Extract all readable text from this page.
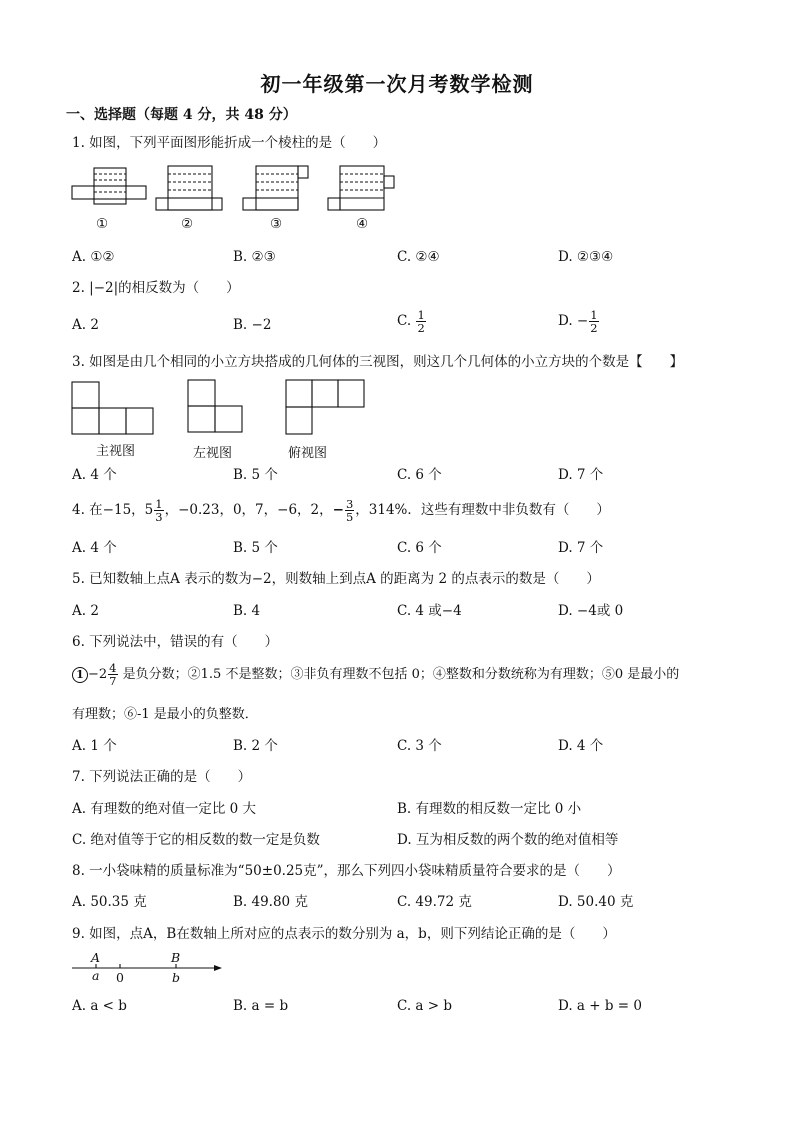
初一年级第一次月考数学检测
一、选择题（每题 4 分，共 48 分）
1. 如图，下列平面图形能折成一个棱柱的是（　　）
①	②	③	④
A. ①②	B. ②③	C. ②④	D. ②③④
2. |−2|的相反数为（　　）
A. 2	B. −2	C. $\frac{1}{2}$	D. − $\frac{1}{2}$
3. 如图是由几个相同的小立方块搭成的几何体的三视图，则这几个几何体的小立方块的个数是【　　】
主视图	左视图	俯视图
A. 4 个	B. 5 个	C. 6 个	D. 7 个
4. 在−15，$5 \frac{1}{3}$ ，−0.23，0，7，−6，2，− $\frac{3}{5}$ ，314%．这些有理数中非负数有（　　）
A. 4 个	B. 5 个	C. 6 个	D. 7 个
5. 已知数轴上点A 表示的数为−2，则数轴上到点A 的距离为 2 的点表示的数是（　　）
A. 2	B. 4	C. 4 或−4	D. −4或 0
6. 下列说法中，错误的有（　　）
$1 -2 \frac{4}{7}$ 是负分数；②1.5 不是整数；③非负有理数不包括 0；④整数和分数统称为有理数；⑤0 是最小的
有理数；⑥-1 是最小的负整数．
A. 1 个	B. 2 个	C. 3 个	D. 4 个
7. 下列说法正确的是（　　）
A. 有理数的绝对值一定比 0 大	B. 有理数的相反数一定比 0 小
C. 绝对值等于它的相反数的数一定是负数	D. 互为相反数的两个数的绝对值相等
8. 一小袋味精的质量标准为“50±0.25克”，那么下列四小袋味精质量符合要求的是（　　）
A. 50.35 克	B. 49.80 克	C. 49.72 克	D. 50.40 克
9. 如图，点A，B在数轴上所对应的点表示的数分别为 a，b，则下列结论正确的是（　　）
A
a 0
B
b
A. a < b	B. a = b	C. a > b	D. a + b = 0
